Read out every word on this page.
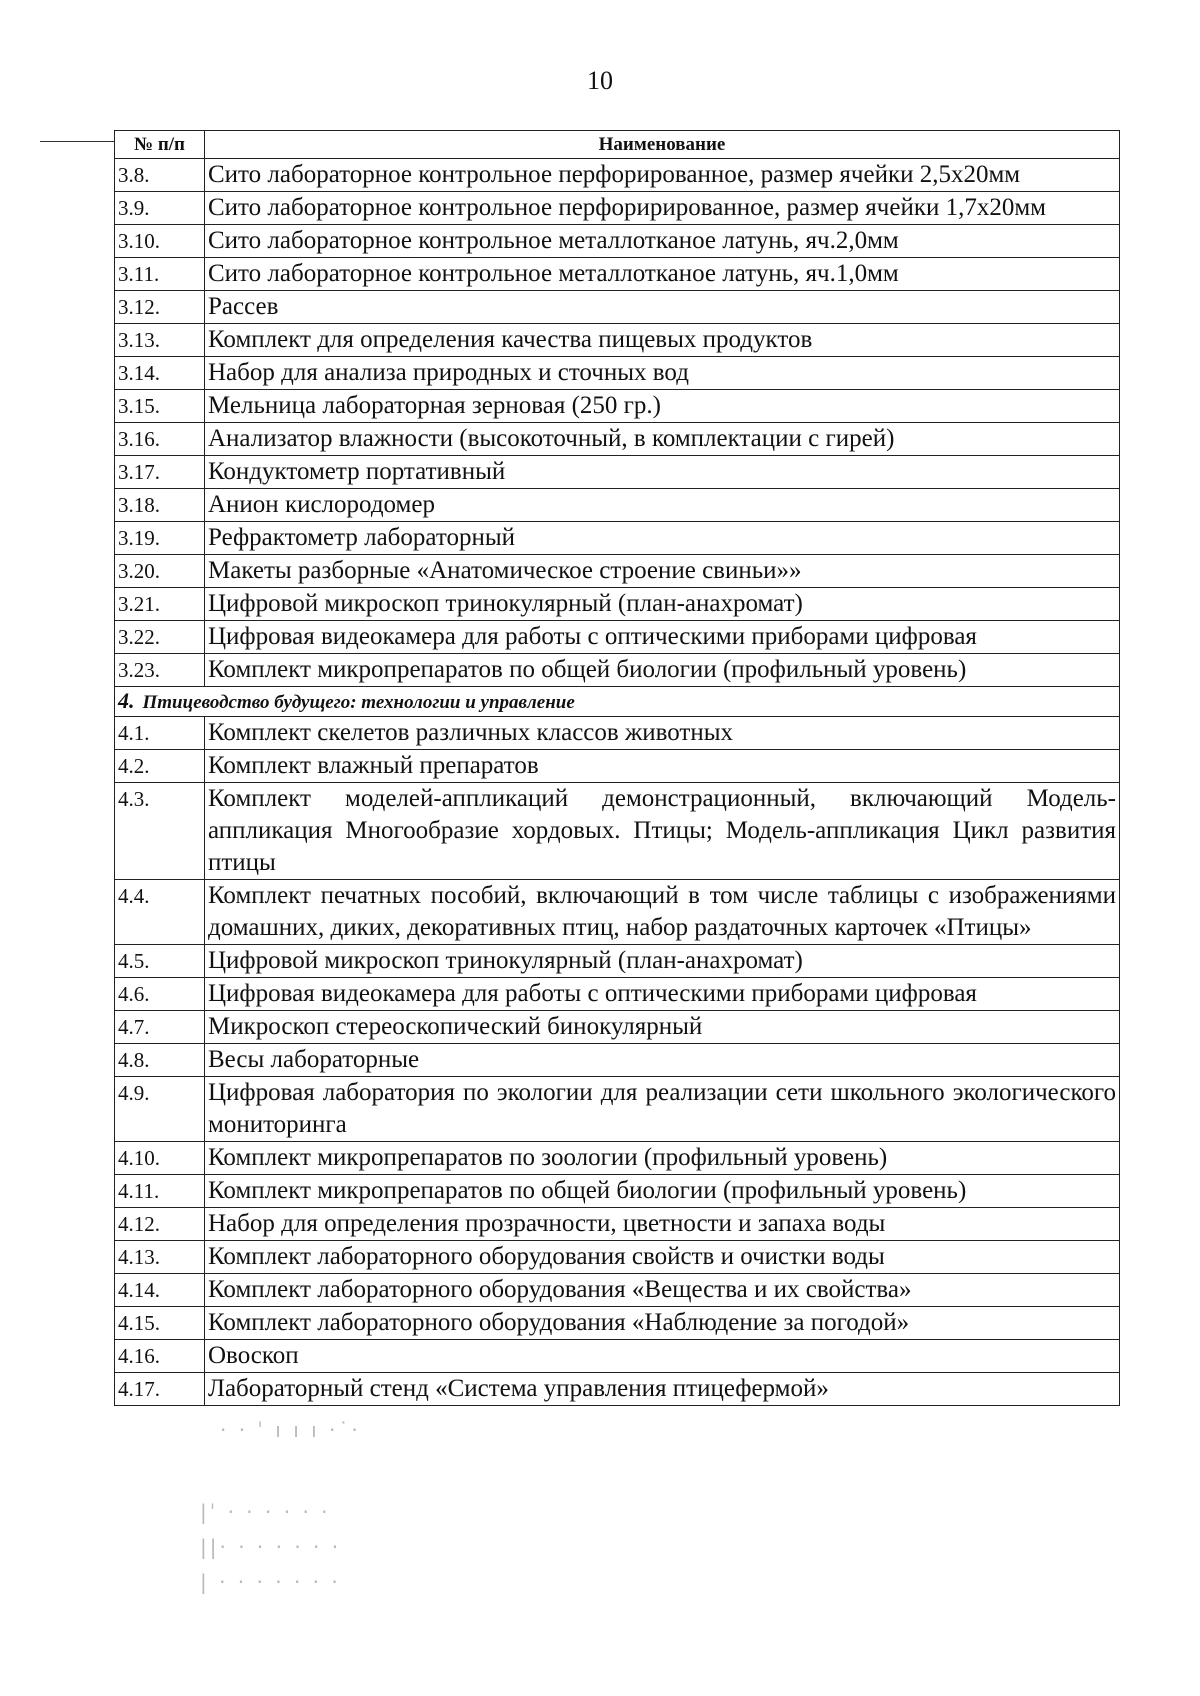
10
№ п/п	Наименование
3.8.	Сито лабораторное контрольное перфорированное, размер ячейки 2,5х20мм
3.9.	Сито лабораторное контрольное перфорирированное, размер ячейки 1,7х20мм
3.10.	Сито лабораторное контрольное металлотканое латунь, яч.2,0мм
3.11.	Сито лабораторное контрольное металлотканое латунь, яч.1,0мм
3.12.	Рассев
3.13.	Комплект для определения качества пищевых продуктов
3.14.	Набор для анализа природных и сточных вод
3.15.	Мельница лабораторная зерновая (250 гр.)
3.16.	Анализатор влажности (высокоточный, в комплектации с гирей)
3.17.	Кондуктометр портативный
3.18.	Анион кислородомер
3.19.	Рефрактометр лабораторный
3.20.	Макеты разборные «Анатомическое строение свиньи»»
3.21.	Цифровой микроскоп тринокулярный (план-анахромат)
3.22.	Цифровая видеокамера для работы с оптическими приборами цифровая
3.23.	Комплект микропрепаратов по общей биологии (профильный уровень)
4. Птицеводство будущего: технологии и управление	
4.1.	Комплект скелетов различных классов животных
4.2.	Комплект влажный препаратов
4.3.	Комплект моделей-аппликаций демонстрационный, включающий Модель-аппликация Многообразие хордовых. Птицы; Модель-аппликация Цикл развития птицы
4.4.	Комплект печатных пособий, включающий в том числе таблицы с изображениями домашних, диких, декоративных птиц, набор раздаточных карточек «Птицы»
4.5.	Цифровой микроскоп тринокулярный (план-анахромат)
4.6.	Цифровая видеокамера для работы с оптическими приборами цифровая
4.7.	Микроскоп стереоскопический бинокулярный
4.8.	Весы лабораторные
4.9.	Цифровая лаборатория по экологии для реализации сети школьного экологического мониторинга
4.10.	Комплект микропрепаратов по зоологии (профильный уровень)
4.11.	Комплект микропрепаратов по общей биологии (профильный уровень)
4.12.	Набор для определения прозрачности, цветности и запаха воды
4.13.	Комплект лабораторного оборудования свойств и очистки воды
4.14.	Комплект лабораторного оборудования «Вещества и их свойства»
4.15.	Комплект лабораторного оборудования «Наблюдение за погодой»
4.16.	Овоскоп
4.17.	Лабораторный стенд «Система управления птицефермой»
· · ˈ ı ı ı ·˙·
|ˈ · · · · · ·
||· · · · · · ·
| · · · · · · ·
